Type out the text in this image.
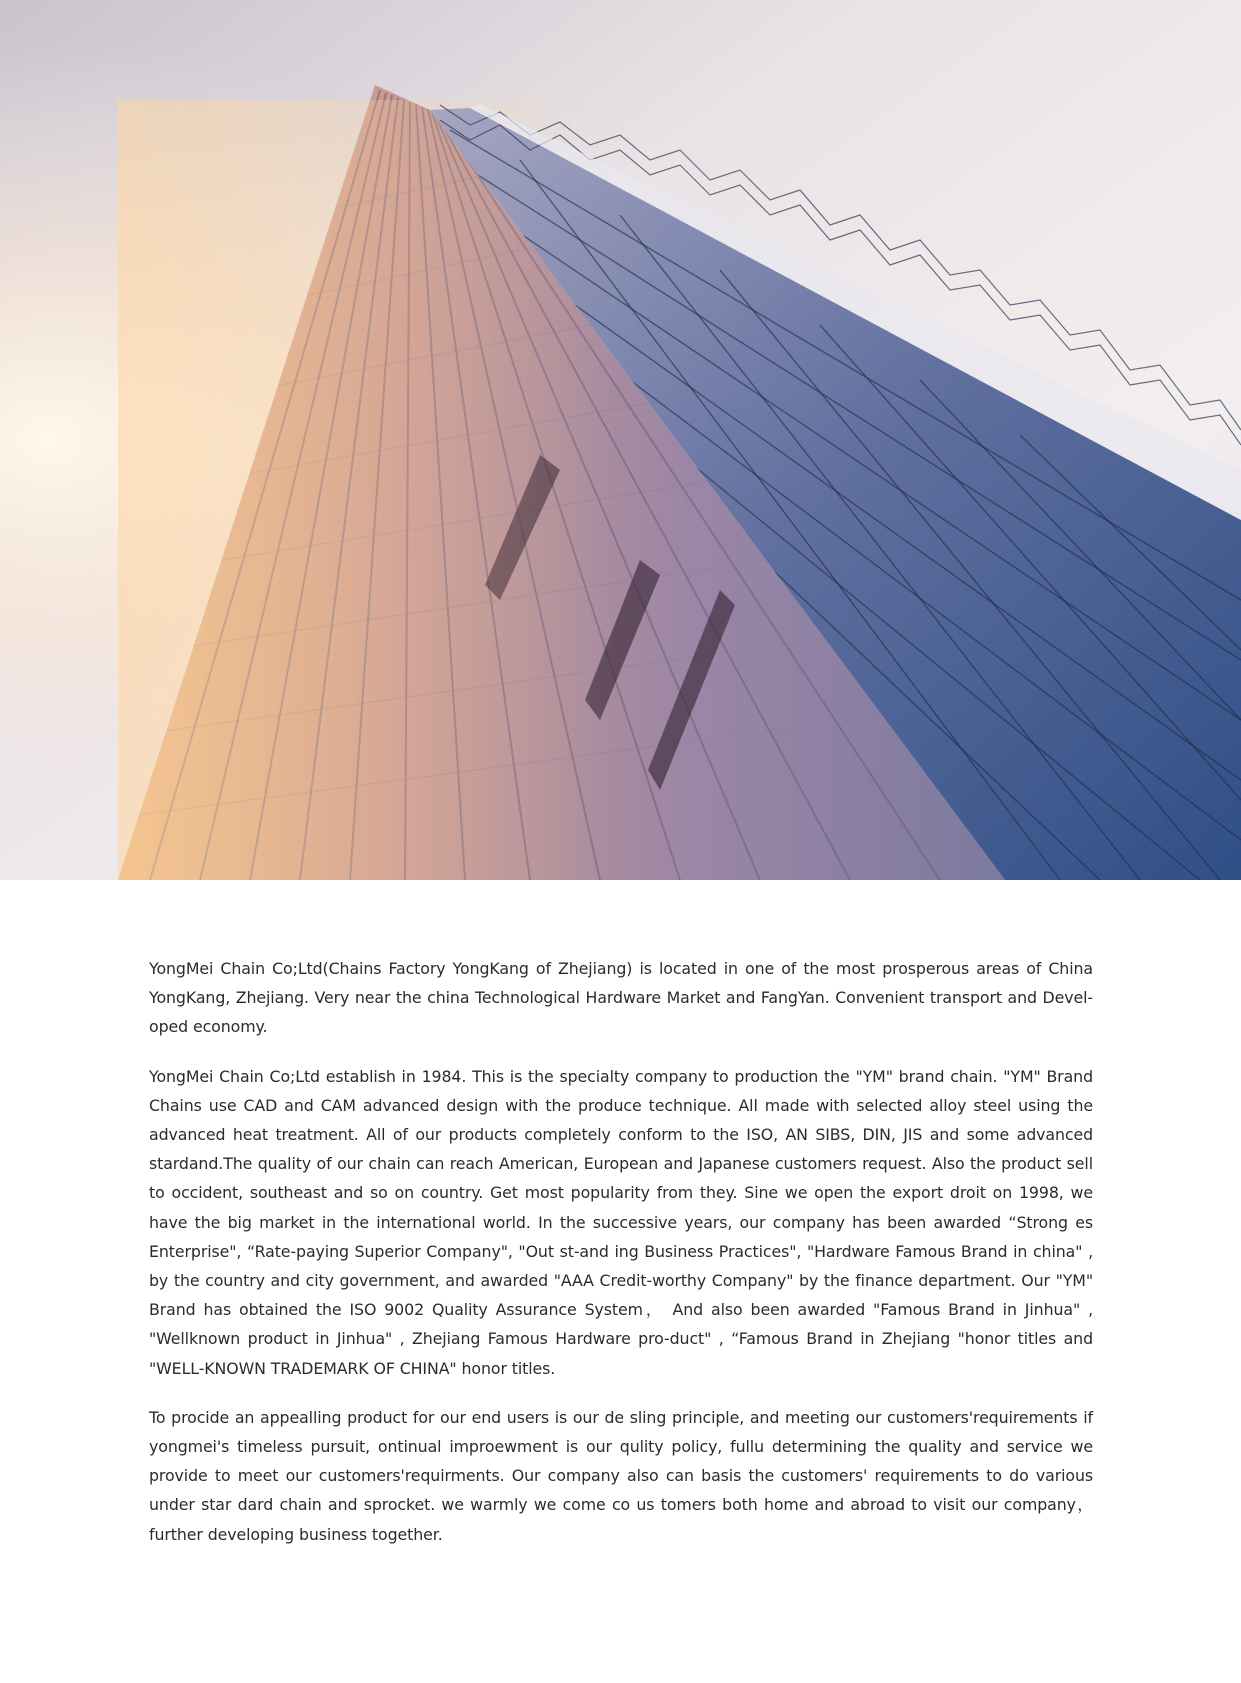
YongMei Chain Co;Ltd(Chains Factory YongKang of Zhejiang) is located in one of the most prosperous areas of China YongKang, Zhejiang. Very near the china Technological Hardware Market and FangYan. Convenient transport and Devel-oped economy.

YongMei Chain Co;Ltd establish in 1984. This is the specialty company to production the "YM" brand chain. "YM" Brand Chains use CAD and CAM advanced design with the produce technique. All made with selected alloy steel using the advanced heat treatment. All of our products completely conform to the ISO, AN SIBS, DIN, JIS and some advanced stardand.The quality of our chain can reach American, European and Japanese customers request. Also the product sell to occident, southeast and so on country. Get most popularity from they. Sine we open the export droit on 1998, we have the big market in the international world. In the successive years, our company has been awarded “Strong es Enterprise", “Rate-paying Superior Company", "Out st-and ing Business Practices", "Hardware Famous Brand in china" , by the country and city government, and awarded "AAA Credit-worthy Company" by the finance department. Our "YM" Brand has obtained the ISO 9002 Quality Assurance System， And also been awarded "Famous Brand in Jinhua" , "Wellknown product in Jinhua" , Zhejiang Famous Hardware pro-duct" , “Famous Brand in Zhejiang "honor titles and "WELL-KNOWN TRADEMARK OF CHINA" honor titles.

To procide an appealling product for our end users is our de sling principle, and meeting our customers'requirements if yongmei's timeless pursuit, ontinual improewment is our qulity policy, fullu determining the quality and service we provide to meet our customers'requirments. Our company also can basis the customers' requirements to do various under star dard chain and sprocket. we warmly we come co us tomers both home and abroad to visit our company， further developing business together.
